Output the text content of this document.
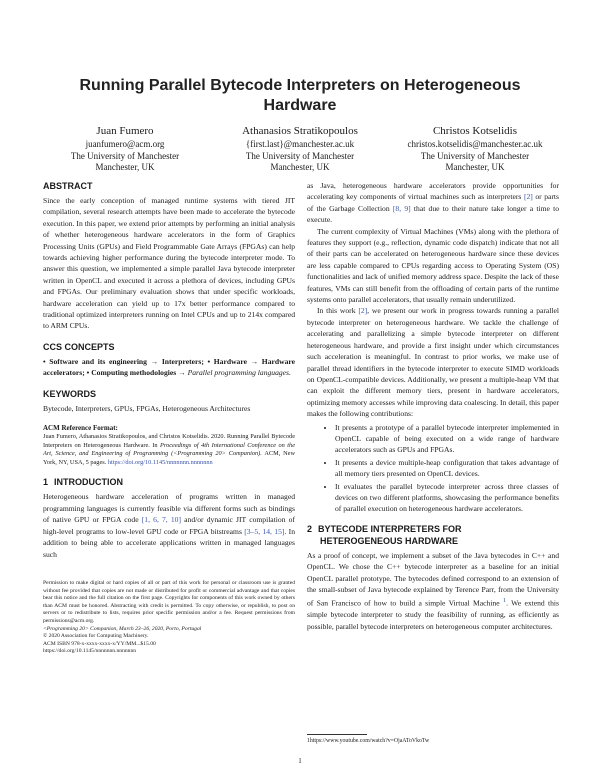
Running Parallel Bytecode Interpreters on Heterogeneous Hardware
Juan Fumero
juanfumero@acm.org
The University of Manchester
Manchester, UK
Athanasios Stratikopoulos
{first.last}@manchester.ac.uk
The University of Manchester
Manchester, UK
Christos Kotselidis
christos.kotselidis@manchester.ac.uk
The University of Manchester
Manchester, UK
ABSTRACT

Since the early conception of managed runtime systems with tiered JIT compilation, several research attempts have been made to accelerate the bytecode execution. In this paper, we extend prior attempts by performing an initial analysis of whether heterogeneous hardware accelerators in the form of Graphics Processing Units (GPUs) and Field Programmable Gate Arrays (FPGAs) can help towards achieving higher performance during the bytecode interpreter mode. To answer this question, we implemented a simple parallel Java bytecode interpreter written in OpenCL and executed it across a plethora of devices, including GPUs and FPGAs. Our preliminary evaluation shows that under specific workloads, hardware acceleration can yield up to 17x better performance compared to traditional optimized interpreters running on Intel CPUs and up to 214x compared to ARM CPUs.

CCS CONCEPTS

• Software and its engineering → Interpreters; • Hardware → Hardware accelerators; • Computing methodologies → Parallel programming languages.

KEYWORDS

Bytecode, Interpreters, GPUs, FPGAs, Heterogeneous Architectures

ACM Reference Format:

Juan Fumero, Athanasios Stratikopoulos, and Christos Kotselidis. 2020. Running Parallel Bytecode Interpreters on Heterogeneous Hardware. In Proceedings of 4th International Conference on the Art, Science, and Engineering of Programming (<Programming 20> Companion). ACM, New York, NY, USA, 5 pages. https://doi.org/10.1145/nnnnnnn.nnnnnnn

1 INTRODUCTION

Heterogeneous hardware acceleration of programs written in managed programming languages is currently feasible via different forms such as bindings of native GPU or FPGA code [1, 6, 7, 10] and/or dynamic JIT compilation of high-level programs to low-level GPU code or FPGA bitstreams [3–5, 14, 15]. In addition to being able to accelerate applications written in managed languages such

Permission to make digital or hard copies of all or part of this work for personal or classroom use is granted without fee provided that copies are not made or distributed for profit or commercial advantage and that copies bear this notice and the full citation on the first page. Copyrights for components of this work owned by others than ACM must be honored. Abstracting with credit is permitted. To copy otherwise, or republish, to post on servers or to redistribute to lists, requires prior specific permission and/or a fee. Request permissions from permissions@acm.org.

<Programming 20> Companion, March 23–26, 2020, Porto, Portugal

© 2020 Association for Computing Machinery.

ACM ISBN 978-x-xxxx-xxxx-x/YY/MM...$15.00

https://doi.org/10.1145/nnnnnnn.nnnnnnn

as Java, heterogeneous hardware accelerators provide opportunities for accelerating key components of virtual machines such as interpreters [2] or parts of the Garbage Collection [8, 9] that due to their nature take longer a time to execute.

The current complexity of Virtual Machines (VMs) along with the plethora of features they support (e.g., reflection, dynamic code dispatch) indicate that not all of their parts can be accelerated on heterogeneous hardware since these devices are less capable compared to CPUs regarding access to Operating System (OS) functionalities and lack of unified memory address space. Despite the lack of these features, VMs can still benefit from the offloading of certain parts of the runtime systems onto parallel accelerators, that usually remain underutilized.

In this work [2], we present our work in progress towards running a parallel bytecode interpreter on heterogeneous hardware. We tackle the challenge of accelerating and parallelizing a simple bytecode interpreter on different heterogeneous hardware, and provide a first insight under which circumstances such acceleration is meaningful. In contrast to prior works, we make use of parallel thread identifiers in the bytecode interpreter to execute SIMD workloads on OpenCL-compatible devices. Additionally, we present a multiple-heap VM that can exploit the different memory tiers, present in hardware accelerators, optimizing memory accesses while improving data coalescing. In detail, this paper makes the following contributions:

• It presents a prototype of a parallel bytecode interpreter implemented in OpenCL capable of being executed on a wide range of hardware accelerators such as GPUs and FPGAs.
• It presents a device multiple-heap configuration that takes advantage of all memory tiers presented on OpenCL devices.
• It evaluates the parallel bytecode interpreter across three classes of devices on two different platforms, showcasing the performance benefits of parallel execution on heterogeneous hardware accelerators.
2 BYTECODE INTERPRETERS FOR
HETEROGENEOUS HARDWARE

As a proof of concept, we implement a subset of the Java bytecodes in C++ and OpenCL. We chose the C++ bytecode interpreter as a baseline for an initial OpenCL parallel prototype. The bytecodes defined correspond to an extension of the small-subset of Java bytecode explained by Terence Parr, from the University of San Francisco of how to build a simple Virtual Machine $^1$. We extend this simple bytecode interpreter to study the feasibility of running, as efficiently as possible, parallel bytecode interpreters on heterogeneous computer architectures.

1https://www.youtube.com/watch?v=OjaAToVkoTw
1
